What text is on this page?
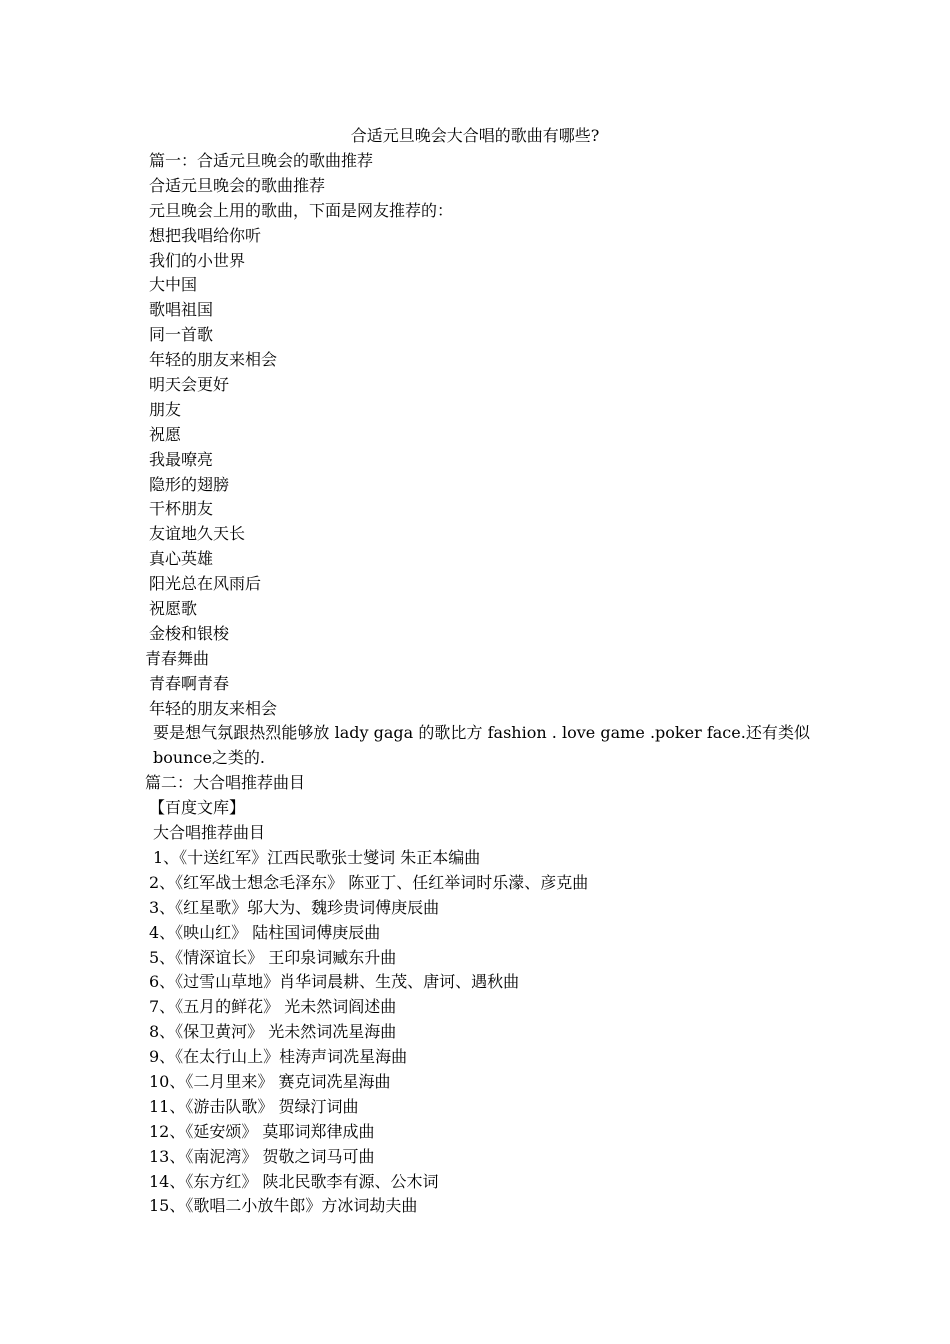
合适元旦晚会大合唱的歌曲有哪些?
篇一：合适元旦晚会的歌曲推荐
合适元旦晚会的歌曲推荐
元旦晚会上用的歌曲，下面是网友推荐的：
想把我唱给你听
我们的小世界
大中国
歌唱祖国
同一首歌
年轻的朋友来相会
明天会更好
朋友
祝愿
我最嘹亮
隐形的翅膀
干杯朋友
友谊地久天长
真心英雄
阳光总在风雨后
祝愿歌
金梭和银梭
青春舞曲
青春啊青春
年轻的朋友来相会
要是想气氛跟热烈能够放 lady gaga 的歌比方 fashion . love game .poker face.还有类似 bounce之类的.
篇二：大合唱推荐曲目
【百度文库】
大合唱推荐曲目
1、《十送红军》江西民歌张士燮词 朱正本编曲
2、《红军战士想念毛泽东》 陈亚丁、任红举词时乐濛、彦克曲
3、《红星歌》邬大为、魏珍贵词傅庚辰曲
4、《映山红》 陆柱国词傅庚辰曲
5、《情深谊长》 王印泉词臧东升曲
6、《过雪山草地》肖华词晨耕、生茂、唐诃、遇秋曲
7、《五月的鲜花》 光未然词阎述曲
8、《保卫黄河》 光未然词冼星海曲
9、《在太行山上》桂涛声词冼星海曲
10、《二月里来》 赛克词冼星海曲
11、《游击队歌》 贺绿汀词曲
12、《延安颂》 莫耶词郑律成曲
13、《南泥湾》 贺敬之词马可曲
14、《东方红》 陕北民歌李有源、公木词
15、《歌唱二小放牛郎》方冰词劫夫曲
